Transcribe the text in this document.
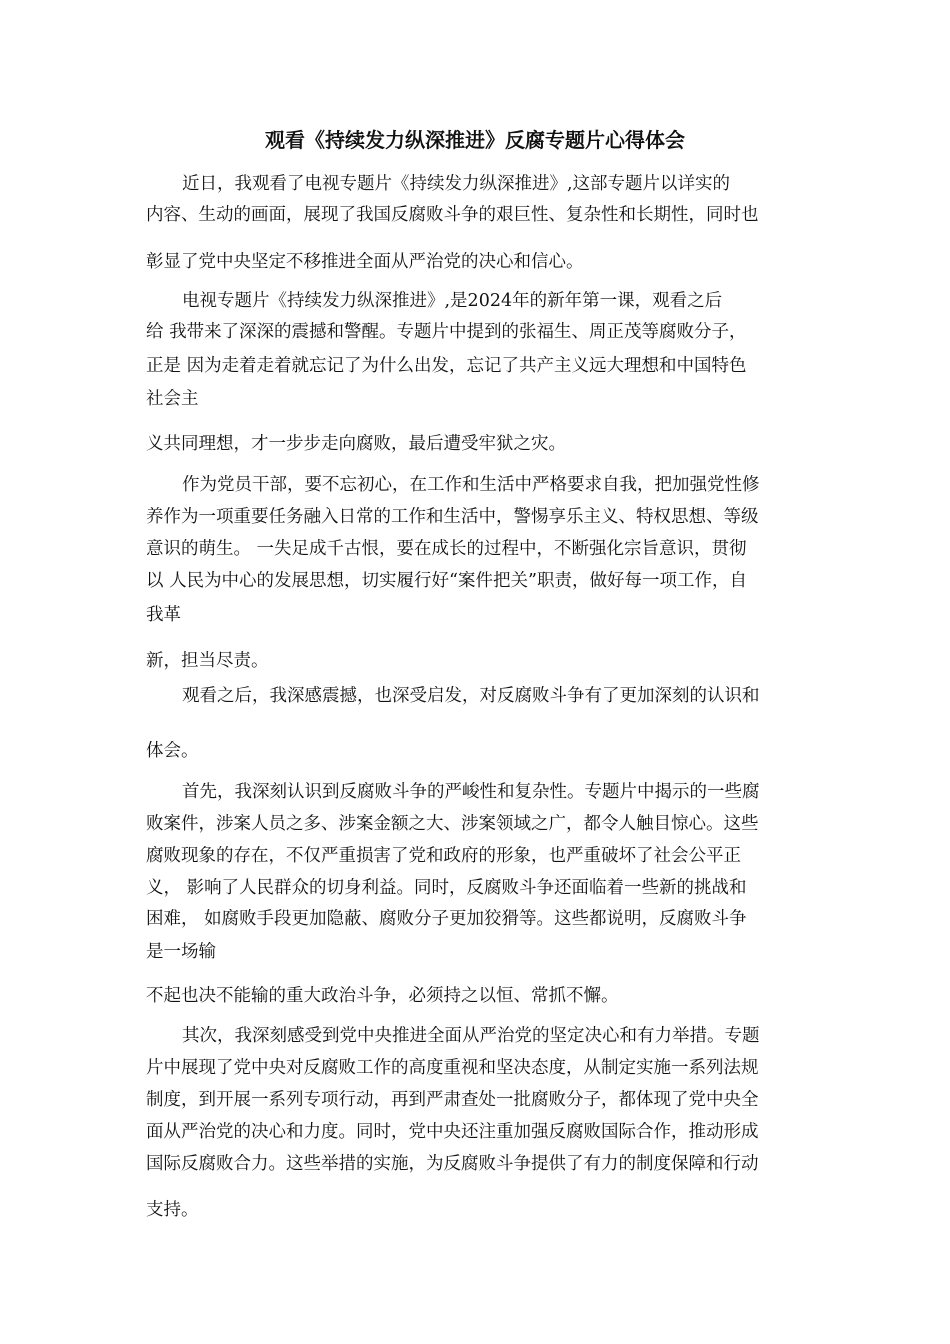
观看《持续发力纵深推进》反腐专题片心得体会
近日，我观看了电视专题片《持续发力纵深推进》,这部专题片以详实的
内容、生动的画面，展现了我国反腐败斗争的艰巨性、复杂性和长期性，同时也
彰显了党中央坚定不移推进全面从严治党的决心和信心。
电视专题片《持续发力纵深推进》,是2024年的新年第一课，观看之后
给 我带来了深深的震撼和警醒。专题片中提到的张福生、周正茂等腐败分子，
正是 因为走着走着就忘记了为什么出发，忘记了共产主义远大理想和中国特色
社会主
义共同理想，才一步步走向腐败，最后遭受牢狱之灾。
作为党员干部，要不忘初心，在工作和生活中严格要求自我，把加强党性修
养作为一项重要任务融入日常的工作和生活中，警惕享乐主义、特权思想、等级
意识的萌生。 一失足成千古恨，要在成长的过程中，不断强化宗旨意识，贯彻
以 人民为中心的发展思想，切实履行好“案件把关”职责，做好每一项工作，自
我革
新，担当尽责。
观看之后，我深感震撼，也深受启发，对反腐败斗争有了更加深刻的认识和
体会。
首先，我深刻认识到反腐败斗争的严峻性和复杂性。专题片中揭示的一些腐
败案件，涉案人员之多、涉案金额之大、涉案领域之广，都令人触目惊心。这些
腐败现象的存在，不仅严重损害了党和政府的形象，也严重破坏了社会公平正
义， 影响了人民群众的切身利益。同时，反腐败斗争还面临着一些新的挑战和
困难， 如腐败手段更加隐蔽、腐败分子更加狡猾等。这些都说明，反腐败斗争
是一场输
不起也决不能输的重大政治斗争，必须持之以恒、常抓不懈。
其次，我深刻感受到党中央推进全面从严治党的坚定决心和有力举措。专题
片中展现了党中央对反腐败工作的高度重视和坚决态度，从制定实施一系列法规
制度，到开展一系列专项行动，再到严肃查处一批腐败分子，都体现了党中央全
面从严治党的决心和力度。同时，党中央还注重加强反腐败国际合作，推动形成
国际反腐败合力。这些举措的实施，为反腐败斗争提供了有力的制度保障和行动
支持。
